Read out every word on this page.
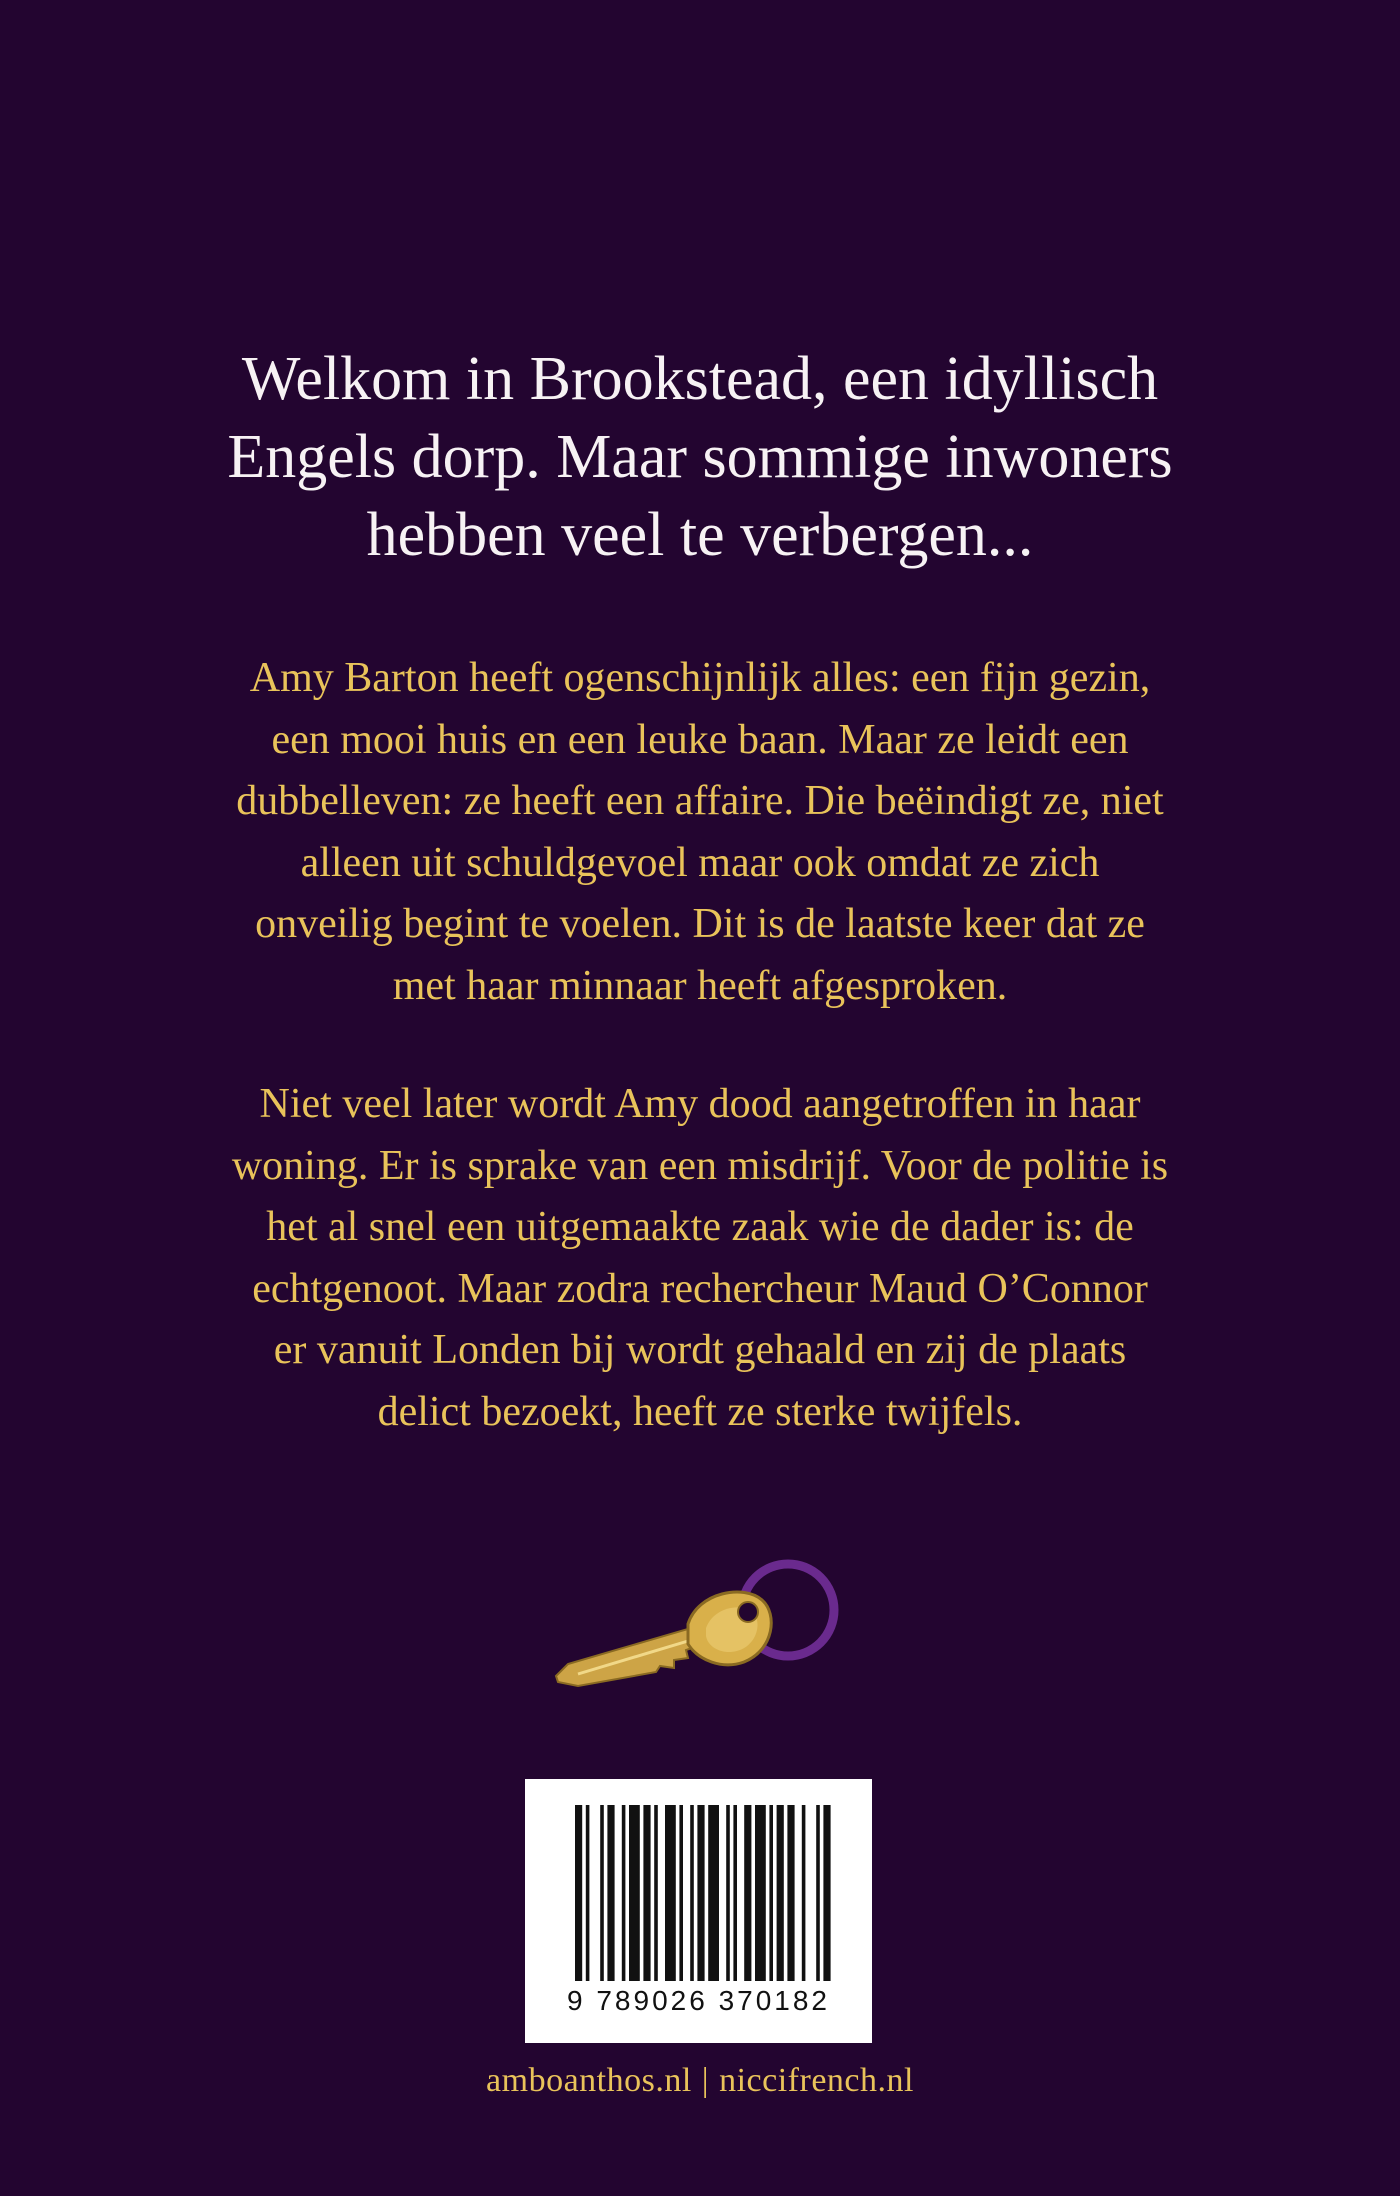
Welkom in Brookstead, een idyllisch
Engels dorp. Maar sommige inwoners
hebben veel te verbergen...

Amy Barton heeft ogenschijnlijk alles: een fijn gezin,
een mooi huis en een leuke baan. Maar ze leidt een
dubbelleven: ze heeft een affaire. Die beëindigt ze, niet
alleen uit schuldgevoel maar ook omdat ze zich
onveilig begint te voelen. Dit is de laatste keer dat ze
met haar minnaar heeft afgesproken.

Niet veel later wordt Amy dood aangetroffen in haar
woning. Er is sprake van een misdrijf. Voor de politie is
het al snel een uitgemaakte zaak wie de dader is: de
echtgenoot. Maar zodra rechercheur Maud O’Connor
er vanuit Londen bij wordt gehaald en zij de plaats
delict bezoekt, heeft ze sterke twijfels.

9 789026 370182

amboanthos.nl | niccifrench.nl
